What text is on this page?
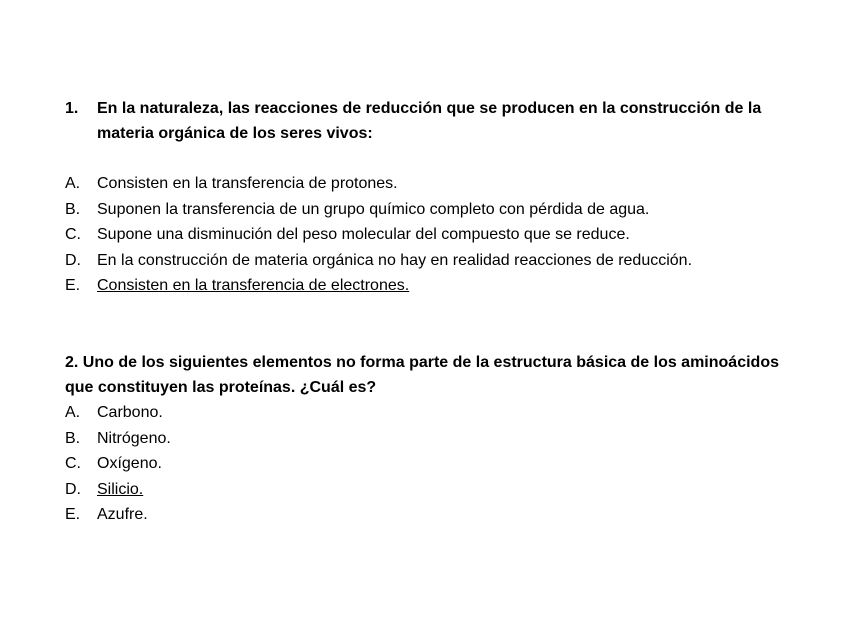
1.	En la naturaleza, las reacciones de reducción que se producen en la construcción de la materia orgánica de los seres vivos:
A.	Consisten en la transferencia de protones.
B.	Suponen la transferencia de un grupo químico completo con pérdida de agua.
C.	Supone una disminución del peso molecular del compuesto que se reduce.
D.	En la construcción de materia orgánica no hay en realidad reacciones de reducción.
E.	Consisten en la transferencia de electrones.
2. Uno de los siguientes elementos no forma parte de la estructura básica de los aminoácidos que constituyen las proteínas. ¿Cuál es?
A.	Carbono.
B.	Nitrógeno.
C.	Oxígeno.
D.	Silicio.
E.	Azufre.
